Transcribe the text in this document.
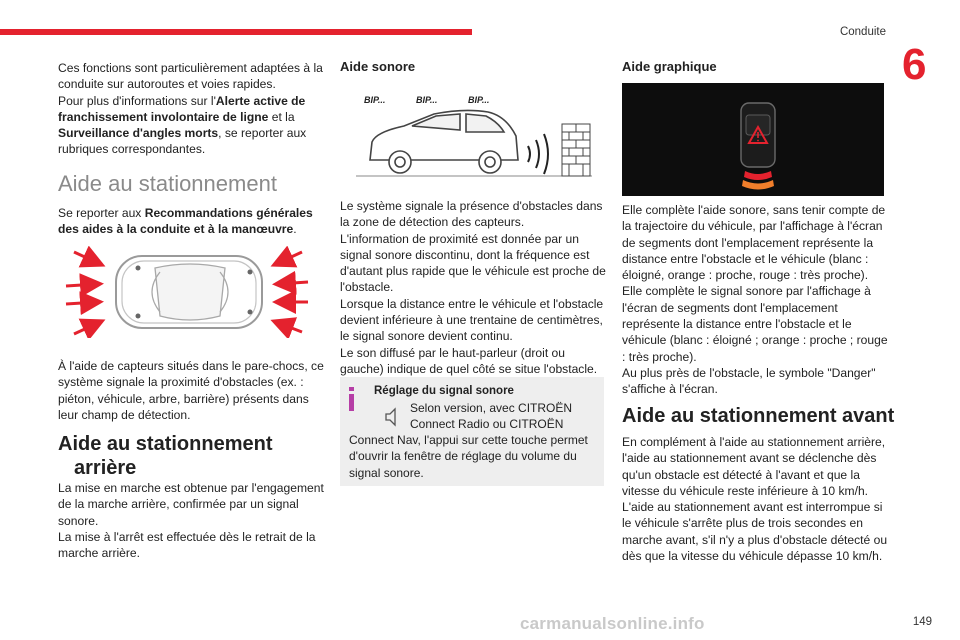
Conduite
6

Ces fonctions sont particulièrement adaptées à la conduite sur autoroutes et voies rapides.

Pour plus d'informations sur l'Alerte active de franchissement involontaire de ligne et la Surveillance d'angles morts, se reporter aux rubriques correspondantes.

Aide au stationnement

Se reporter aux Recommandations générales des aides à la conduite et à la manœuvre.

À l'aide de capteurs situés dans le pare-chocs, ce système signale la proximité d'obstacles (ex. : piéton, véhicule, arbre, barrière) présents dans leur champ de détection.

Aide au stationnement
arrière

La mise en marche est obtenue par l'engagement de la marche arrière, confirmée par un signal sonore.

La mise à l'arrêt est effectuée dès le retrait de la marche arrière.

Aide sonore
BIP...	BIP...	BIP...

Le système signale la présence d'obstacles dans la zone de détection des capteurs.

L'information de proximité est donnée par un signal sonore discontinu, dont la fréquence est d'autant plus rapide que le véhicule est proche de l'obstacle.

Lorsque la distance entre le véhicule et l'obstacle devient inférieure à une trentaine de centimètres, le signal sonore devient continu.

Le son diffusé par le haut-parleur (droit ou gauche) indique de quel côté se situe l'obstacle.

Réglage du signal sonore
Selon version, avec CITROËN
Connect Radio ou CITROËN
Connect Nav, l'appui sur cette touche permet d'ouvrir la fenêtre de réglage du volume du signal sonore.
Aide graphique

Elle complète l'aide sonore, sans tenir compte de la trajectoire du véhicule, par l'affichage à l'écran de segments dont l'emplacement représente la distance entre l'obstacle et le véhicule (blanc : éloigné, orange : proche, rouge : très proche).

Elle complète le signal sonore par l'affichage à l'écran de segments dont l'emplacement représente la distance entre l'obstacle et le véhicule (blanc : éloigné ; orange : proche ; rouge : très proche).

Au plus près de l'obstacle, le symbole "Danger" s'affiche à l'écran.

Aide au stationnement avant

En complément à l'aide au stationnement arrière, l'aide au stationnement avant se déclenche dès qu'un obstacle est détecté à l'avant et que la vitesse du véhicule reste inférieure à 10 km/h.

L'aide au stationnement avant est interrompue si le véhicule s'arrête plus de trois secondes en marche avant, s'il n'y a plus d'obstacle détecté ou dès que la vitesse du véhicule dépasse 10 km/h.

carmanualsonline.info	149
